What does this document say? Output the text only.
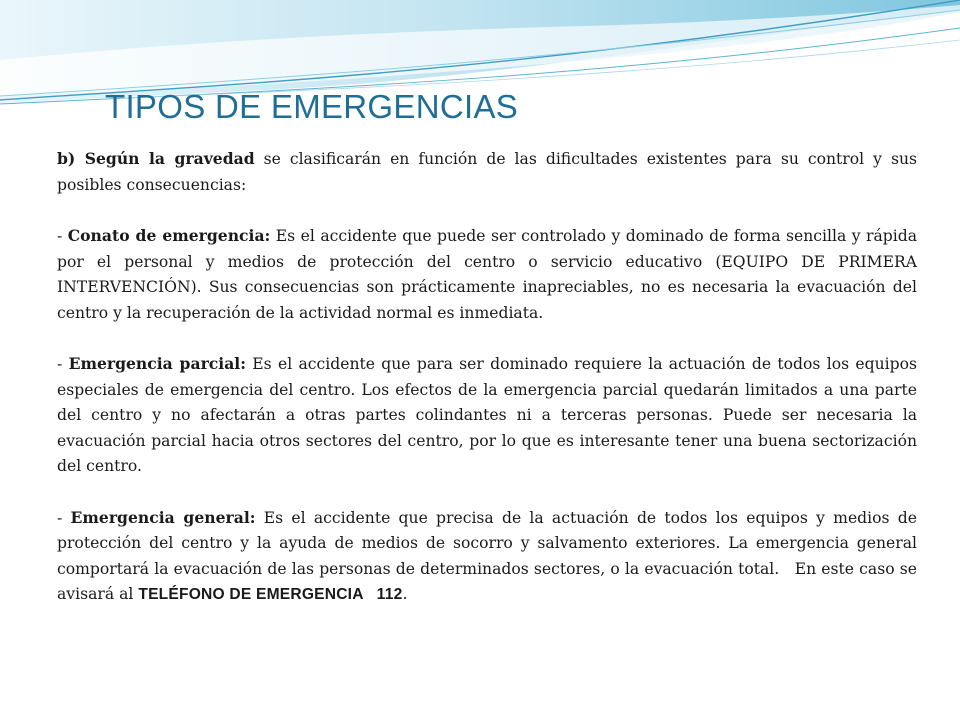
TIPOS DE EMERGENCIAS

b) Según la gravedad se clasificarán en función de las dificultades existentes para su control y sus posibles consecuencias:

- Conato de emergencia: Es el accidente que puede ser controlado y dominado de forma sencilla y rápida por el personal y medios de protección del centro o servicio educativo (EQUIPO DE PRIMERA INTERVENCIÓN). Sus consecuencias son prácticamente inapreciables, no es necesaria la evacuación del centro y la recuperación de la actividad normal es inmediata.

- Emergencia parcial: Es el accidente que para ser dominado requiere la actuación de todos los equipos especiales de emergencia del centro. Los efectos de la emergencia parcial quedarán limitados a una parte del centro y no afectarán a otras partes colindantes ni a terceras personas. Puede ser necesaria la evacuación parcial hacia otros sectores del centro, por lo que es interesante tener una buena sectorización del centro.

- Emergencia general: Es el accidente que precisa de la actuación de todos los equipos y medios de protección del centro y la ayuda de medios de socorro y salvamento exteriores. La emergencia general comportará la evacuación de las personas de determinados sectores, o la evacuación total.   En este caso se avisará al TELÉFONO DE EMERGENCIA   112.
